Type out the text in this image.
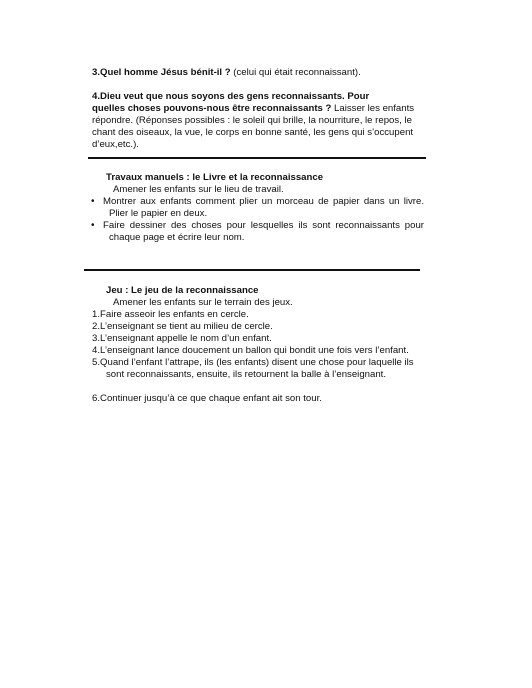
3.Quel homme Jésus bénit-il ? (celui qui était reconnaissant).
4.Dieu veut que nous soyons des gens reconnaissants. Pour
quelles choses pouvons-nous être reconnaissants ? Laisser les enfants
répondre. (Réponses possibles : le soleil qui brille, la nourriture, le repos, le
chant des oiseaux, la vue, le corps en bonne santé, les gens qui s’occupent
d’eux,etc.).
Travaux manuels : le Livre et la reconnaissance
Amener les enfants sur le lieu de travail.
• Montrer aux enfants comment plier un morceau de papier dans un livre.
Plier le papier en deux.
• Faire dessiner des choses pour lesquelles ils sont reconnaissants pour
chaque page et écrire leur nom.
Jeu : Le jeu de la reconnaissance
Amener les enfants sur le terrain des jeux.
1.Faire asseoir les enfants en cercle.
2.L’enseignant se tient au milieu de cercle.
3.L’enseignant appelle le nom d’un enfant.
4.L’enseignant lance doucement un ballon qui bondit une fois vers l’enfant.
5.Quand l’enfant l’attrape, ils (les enfants) disent une chose pour laquelle ils
sont reconnaissants, ensuite, ils retournent la balle à l’enseignant.
6.Continuer jusqu’à ce que chaque enfant ait son tour.
